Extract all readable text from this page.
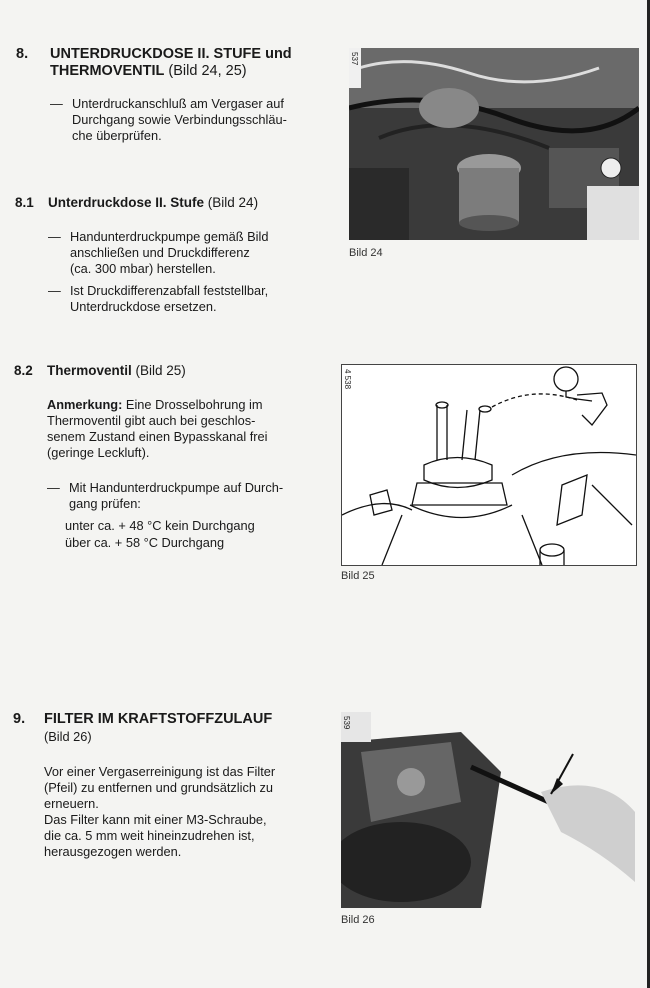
8. UNTERDRUCKDOSE II. STUFE und
THERMOVENTIL (Bild 24, 25)
— Unterdruckanschluß am Vergaser auf
Durchgang sowie Verbindungsschläu-
che überprüfen.
8.1 Unterdruckdose II. Stufe (Bild 24)
— Handunterdruckpumpe gemäß Bild
anschließen und Druckdifferenz
(ca. 300 mbar) herstellen.
— Ist Druckdifferenzabfall feststellbar,
Unterdruckdose ersetzen.
8.2 Thermoventil (Bild 25)
Anmerkung: Eine Drosselbohrung im
Thermoventil gibt auch bei geschlos-
senem Zustand einen Bypasskanal frei
(geringe Leckluft).
— Mit Handunterdruckpumpe auf Durch-
gang prüfen:
unter ca. + 48 °C kein Durchgang
über ca. + 58 °C Durchgang
9. FILTER IM KRAFTSTOFFZULAUF
(Bild 26)
Vor einer Vergaserreinigung ist das Filter
(Pfeil) zu entfernen und grundsätzlich zu
erneuern.
Das Filter kann mit einer M3-Schraube,
die ca. 5 mm weit hineinzudrehen ist,
herausgezogen werden.
537
Bild 24
4 538
Bild 25
539
Bild 26
